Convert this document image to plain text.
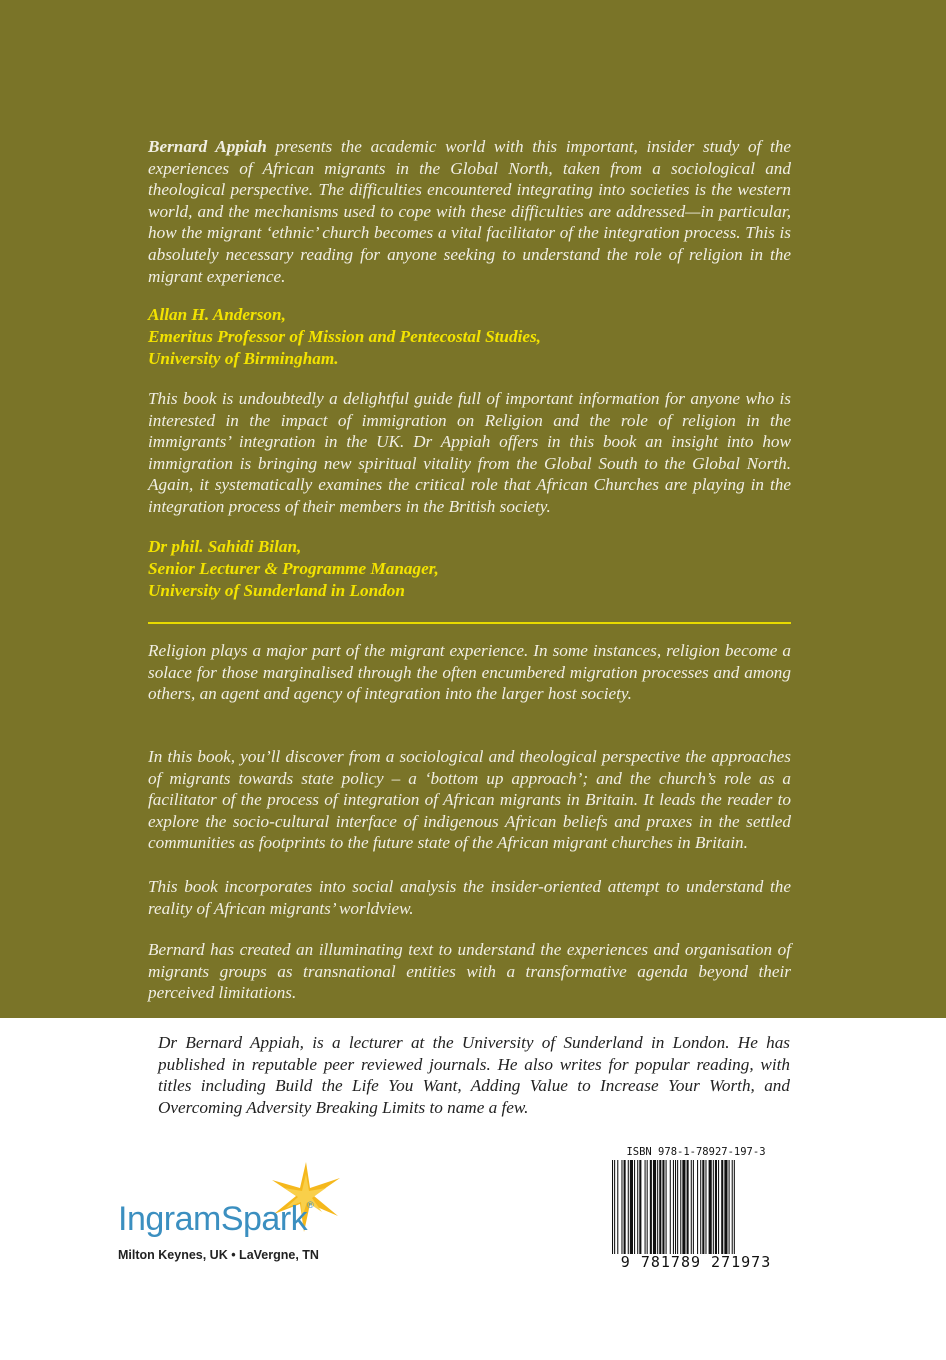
Bernard Appiah presents the academic world with this important, insider study of the experiences of African migrants in the Global North, taken from a sociological and theological perspective. The difficulties encountered integrating into societies is the western world, and the mechanisms used to cope with these difficulties are addressed—in particular, how the migrant ‘ethnic’ church becomes a vital facilitator of the integration process. This is absolutely necessary reading for anyone seeking to understand the role of religion in the migrant experience.

Allan H. Anderson,
Emeritus Professor of Mission and Pentecostal Studies,
University of Birmingham.

This book is undoubtedly a delightful guide full of important information for anyone who is interested in the impact of immigration on Religion and the role of religion in the immigrants’ integration in the UK. Dr Appiah offers in this book an insight into how immigration is bringing new spiritual vitality from the Global South to the Global North. Again, it systematically examines the critical role that African Churches are playing in the integration process of their members in the British society.

Dr phil. Sahidi Bilan,
Senior Lecturer & Programme Manager,
University of Sunderland in London

Religion plays a major part of the migrant experience. In some instances, religion become a solace for those marginalised through the often encumbered migration processes and among others, an agent and agency of integration into the larger host society.

In this book, you’ll discover from a sociological and theological perspective the approaches of migrants towards state policy – a ‘bottom up approach’; and the church’s role as a facilitator of the process of integration of African migrants in Britain. It leads the reader to explore the socio-cultural interface of indigenous African beliefs and praxes in the settled communities as footprints to the future state of the African migrant churches in Britain.

This book incorporates into social analysis the insider-oriented attempt to understand the reality of African migrants’ worldview.

Bernard has created an illuminating text to understand the experiences and organisation of migrants groups as transnational entities with a transformative agenda beyond their perceived limitations.

Dr Bernard Appiah, is a lecturer at the University of Sunderland in London. He has published in reputable peer reviewed journals. He also writes for popular reading, with titles including Build the Life You Want, Adding Value to Increase Your Worth, and Overcoming Adversity Breaking Limits to name a few.

IngramSpark®
Milton Keynes, UK • LaVergne, TN
ISBN 978-1-78927-197-3
9 781789 271973
